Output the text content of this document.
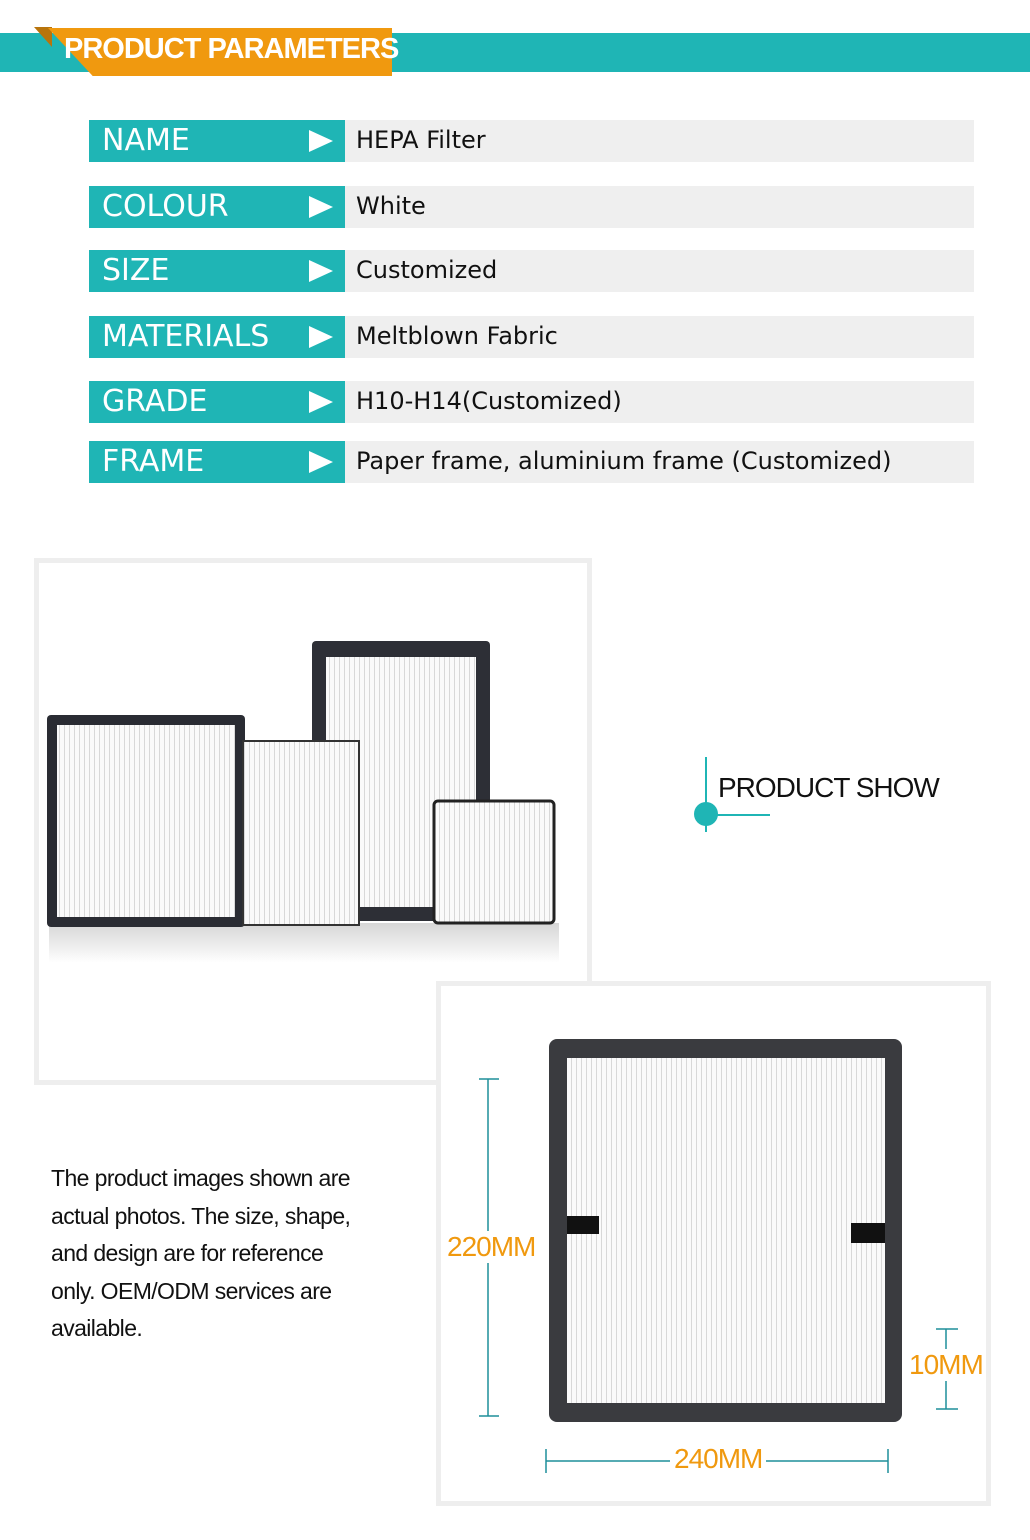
PRODUCT PARAMETERS
NAME	HEPA Filter
COLOUR	White
SIZE	Customized
MATERIALS	Meltblown Fabric
GRADE	H10-H14(Customized)
FRAME	Paper frame, aluminium frame (Customized)
PRODUCT SHOW
The product images shown are actual photos. The size, shape, and design are for reference only. OEM/ODM services are available.
220MM
240MM
10MM
